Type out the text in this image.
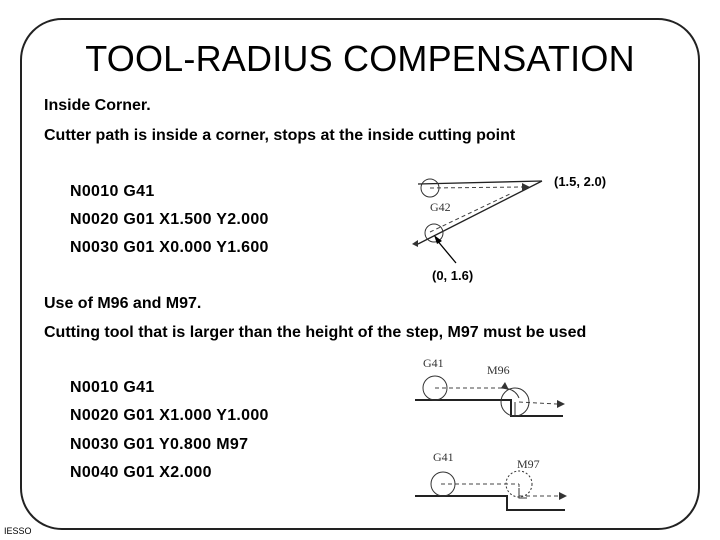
TOOL-RADIUS COMPENSATION
Inside Corner.
Cutter path is inside a corner, stops at the inside cutting point
N0010 G41
N0020 G01 X1.500 Y2.000
N0030 G01 X0.000 Y1.600
(1.5, 2.0)
(0, 1.6)
G42
Use of M96 and M97.
Cutting tool that is larger than the height of the step, M97 must be used
N0010 G41
N0020 G01 X1.000 Y1.000
N0030 G01 Y0.800 M97
N0040 G01 X2.000
G41	M96
G41	M97
IESSO
